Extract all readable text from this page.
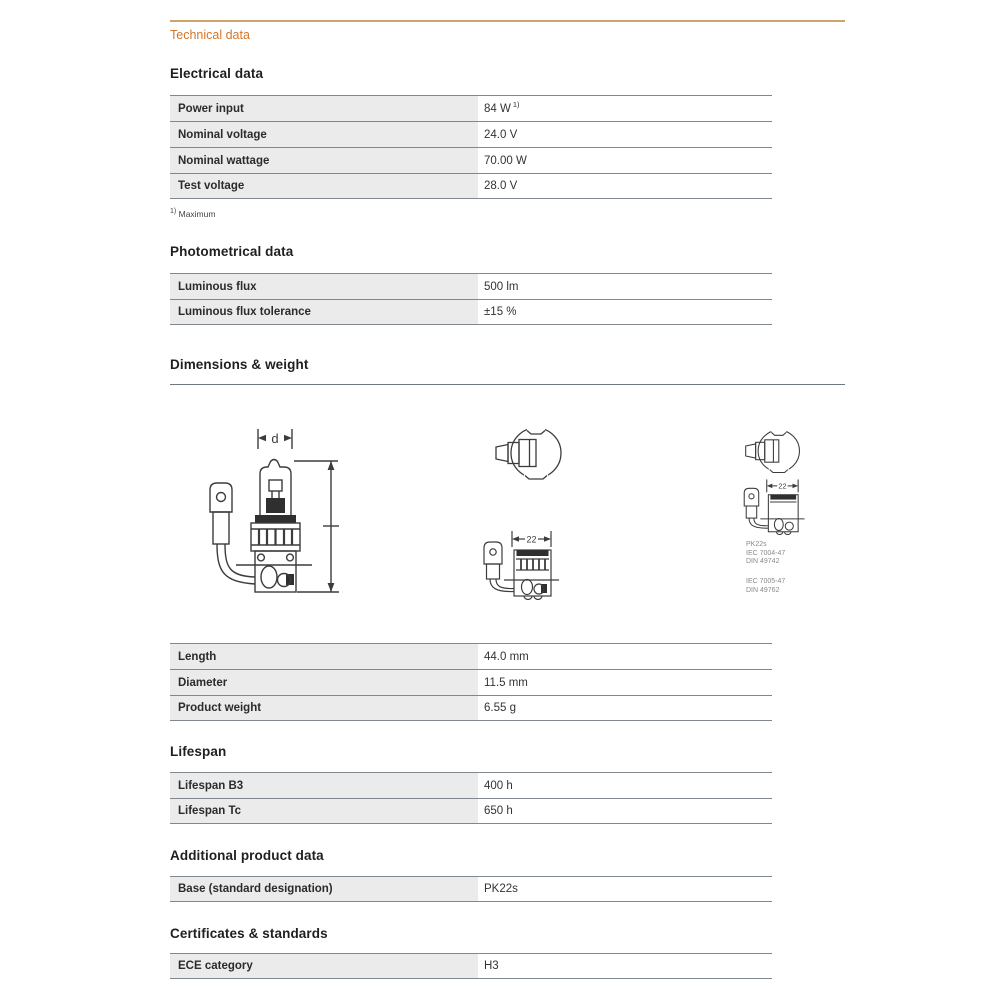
Technical data
Electrical data
Power input	84 W 1)
Nominal voltage	24.0 V
Nominal wattage	70.00 W
Test voltage	28.0 V
$^{1)}$ Maximum
Photometrical data
Luminous flux	500 lm
Luminous flux tolerance	±15 %
Dimensions & weight
d
22
22
PK22s
IEC 7004-47
DIN 49742
IEC 7005-47
DIN 49762
Length	44.0 mm
Diameter	11.5 mm
Product weight	6.55 g
Lifespan
Lifespan B3	400 h
Lifespan Tc	650 h
Additional product data
Base (standard designation)	PK22s
Certificates & standards
ECE category	H3
